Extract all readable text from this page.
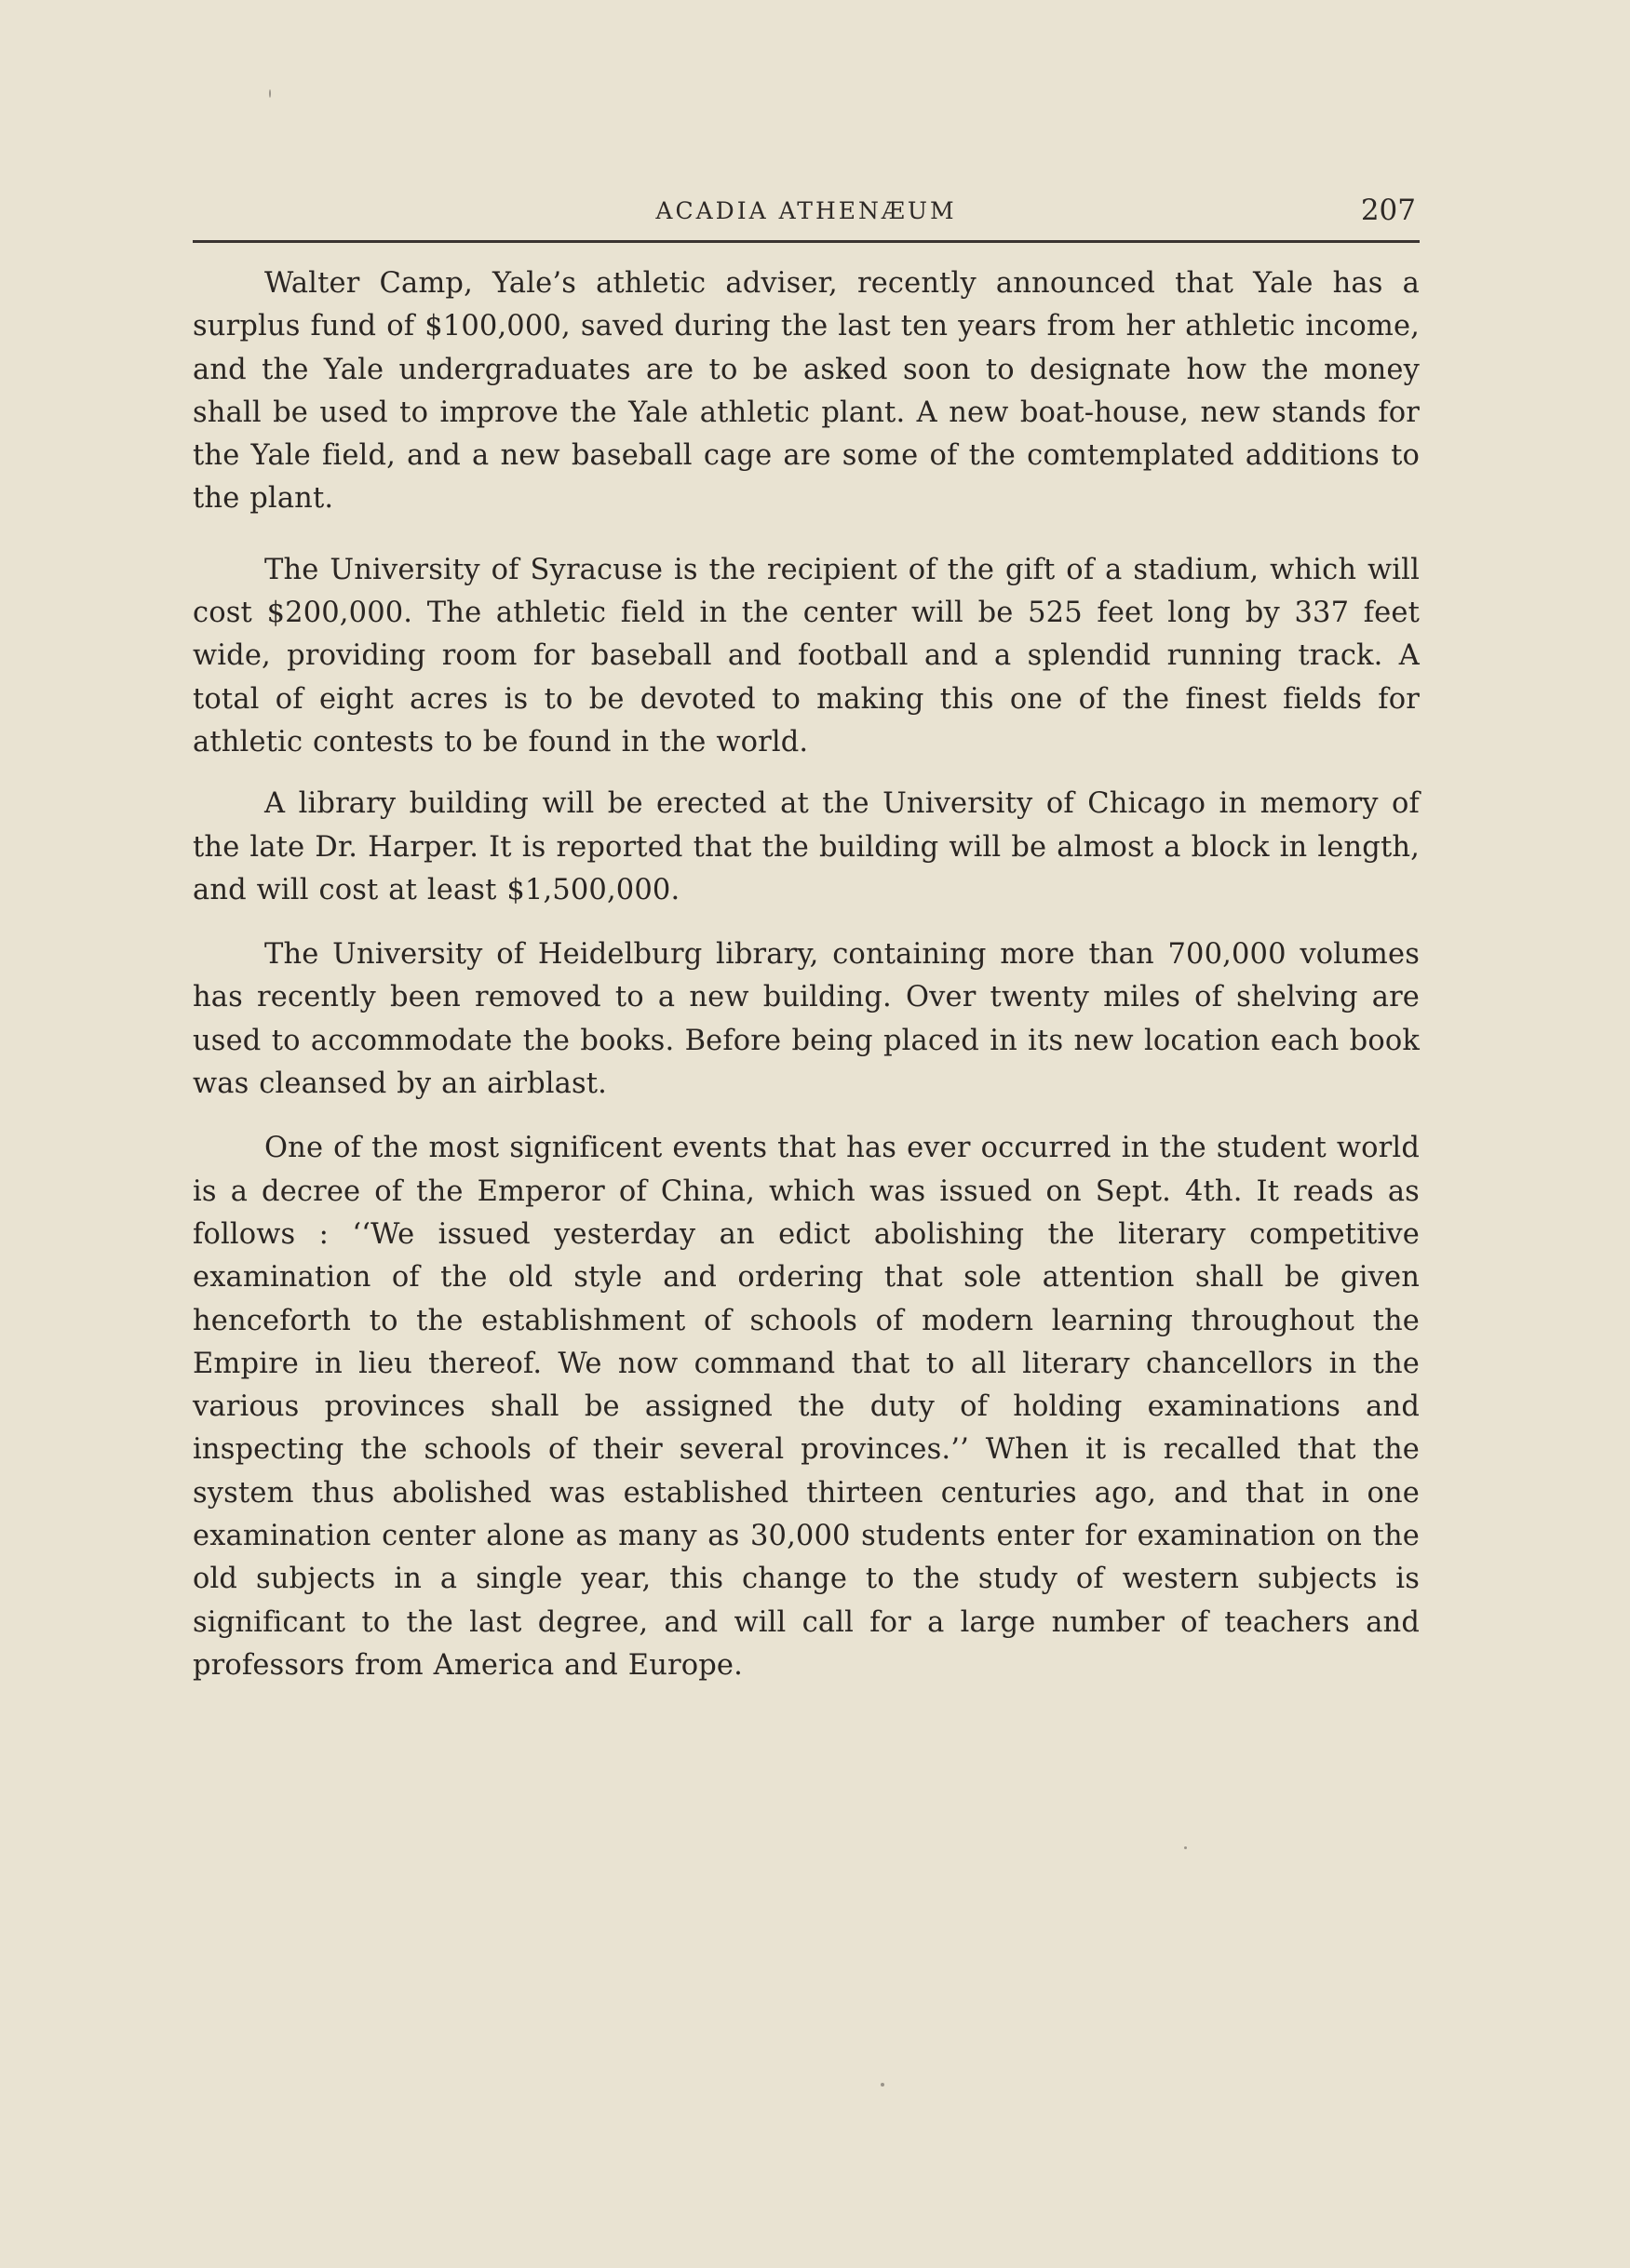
ACADIA ATHENÆUM	207

Walter Camp, Yale’s athletic adviser, recently announced that Yale has a surplus fund of $100,000, saved during the last ten years from her athletic income, and the Yale undergraduates are to be asked soon to designate how the money shall be used to improve the Yale athletic plant. A new boat-house, new stands for the Yale field, and a new baseball cage are some of the comtemplated additions to the plant.

The University of Syracuse is the recipient of the gift of a stadium, which will cost $200,000. The athletic field in the center will be 525 feet long by 337 feet wide, providing room for baseball and football and a splendid running track. A total of eight acres is to be devoted to making this one of the finest fields for athletic contests to be found in the world.

A library building will be erected at the University of Chicago in memory of the late Dr. Harper. It is reported that the building will be almost a block in length, and will cost at least $1,500,000.

The University of Heidelburg library, containing more than 700,000 volumes has recently been removed to a new building. Over twenty miles of shelving are used to accommodate the books. Before being placed in its new location each book was cleansed by an airblast.

One of the most significent events that has ever occurred in the student world is a decree of the Emperor of China, which was issued on Sept. 4th. It reads as follows : ‘‘We issued yesterday an edict abolishing the literary competitive examination of the old style and ordering that sole attention shall be given henceforth to the establishment of schools of modern learning throughout the Empire in lieu thereof. We now command that to all literary chancellors in the various provinces shall be assigned the duty of holding examinations and inspecting the schools of their several provinces.’’ When it is recalled that the system thus abolished was established thirteen centuries ago, and that in one examination center alone as many as 30,000 students enter for examination on the old subjects in a single year, this change to the study of western subjects is significant to the last degree, and will call for a large number of teachers and professors from America and Europe.
